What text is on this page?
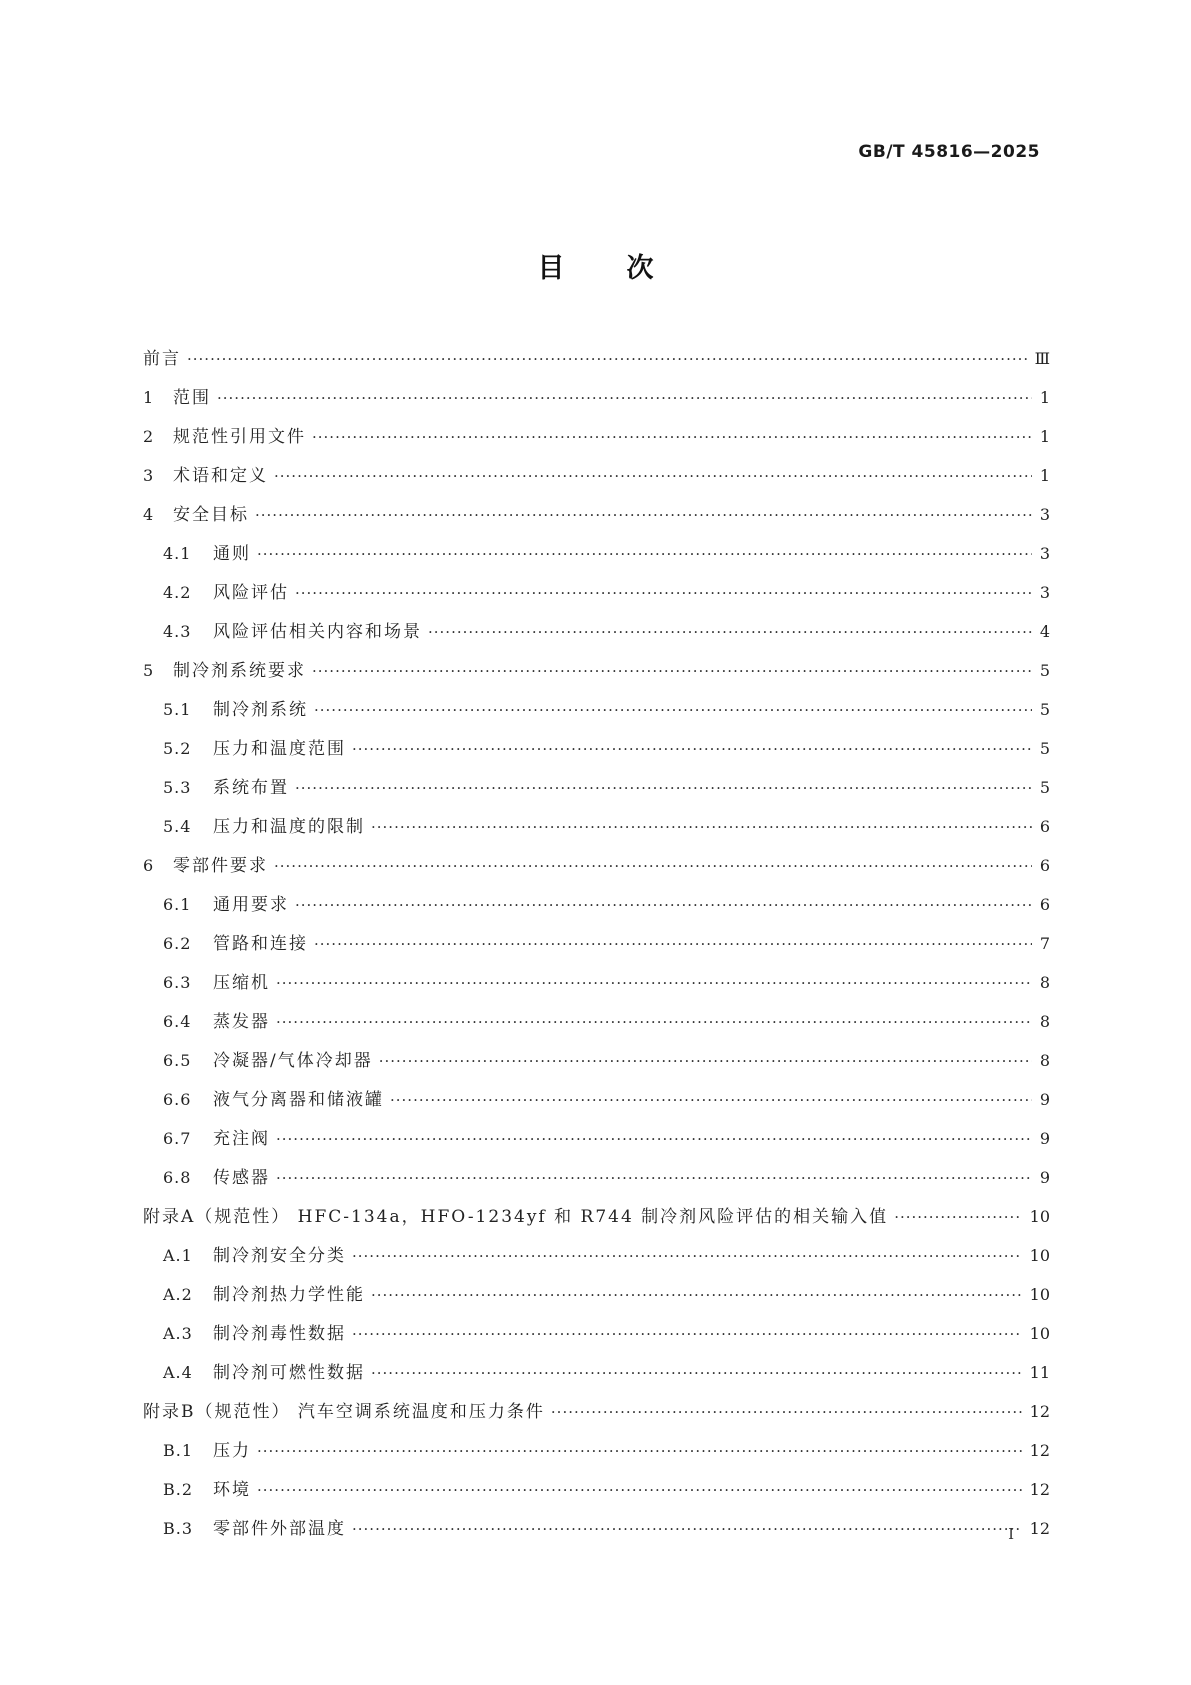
GB/T 45816—2025
目次
前言 ·····	Ⅲ
1	范围 ·····	1
2	规范性引用文件 ·····	1
3	术语和定义 ·····	1
4	安全目标 ·····	3
4.1	通则 ·····	3
4.2	风险评估 ·····	3
4.3	风险评估相关内容和场景 ·····	4
5	制冷剂系统要求 ·····	5
5.1	制冷剂系统 ·····	5
5.2	压力和温度范围 ·····	5
5.3	系统布置 ·····	5
5.4	压力和温度的限制 ·····	6
6	零部件要求 ·····	6
6.1	通用要求 ·····	6
6.2	管路和连接 ·····	7
6.3	压缩机 ·····	8
6.4	蒸发器 ·····	8
6.5	冷凝器/气体冷却器 ·····	8
6.6	液气分离器和储液罐 ·····	9
6.7	充注阀 ·····	9
6.8	传感器 ·····	9
附录A（规范性） HFC-134a，HFO-1234yf 和 R744 制冷剂风险评估的相关输入值 ·····	10
A.1	制冷剂安全分类 ·····	10
A.2	制冷剂热力学性能 ·····	10
A.3	制冷剂毒性数据 ·····	10
A.4	制冷剂可燃性数据 ·····	11
附录B（规范性） 汽车空调系统温度和压力条件 ·····	12
B.1	压力 ·····	12
B.2	环境 ·····	12
B.3	零部件外部温度 ·····	12
Ⅰ
